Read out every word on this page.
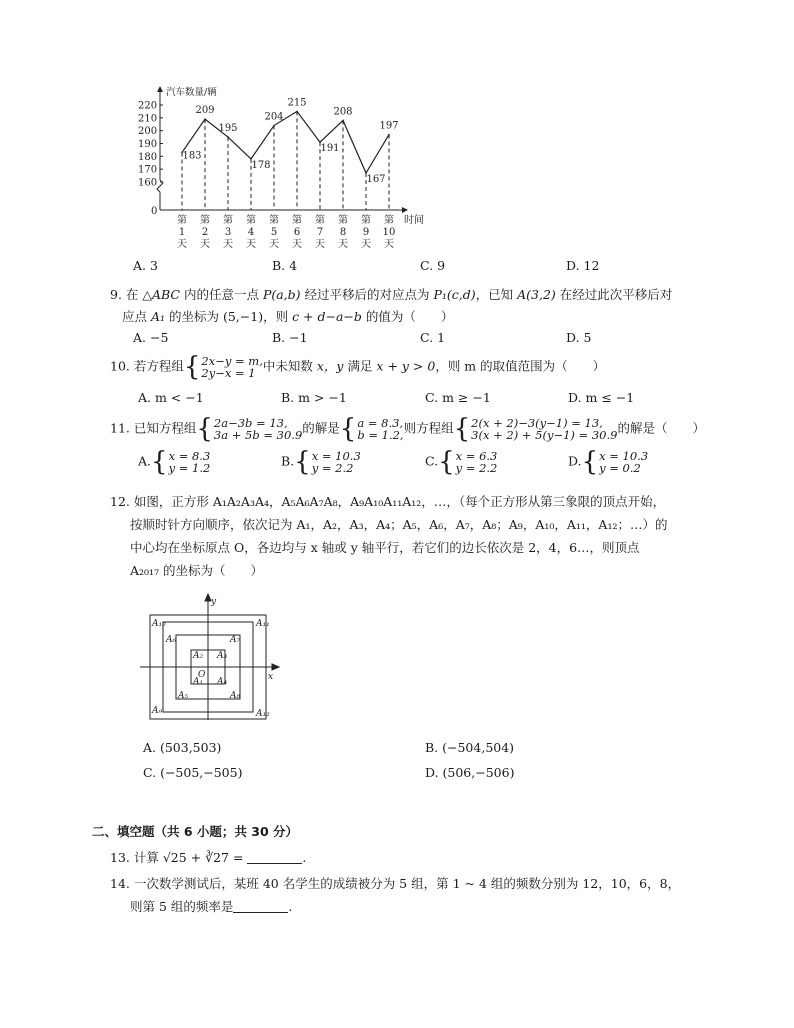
汽车数量/辆
时间
0
220
210
200
190
180
170
160
第
1
天
第
2
天
第
3
天
第
4
天
第
5
天
第
6
天
第
7
天
第
8
天
第
9
天
第
10
天
183
209
195
178
204
215
191
208
167
197
A. 3	B. 4	C. 9	D. 12
9. 在 △ABC 内的任意一点 P(a,b) 经过平移后的对应点为 P₁(c,d)，已知 A(3,2) 在经过此次平移后对
应点 A₁ 的坐标为 (5,−1)，则 c + d−a−b 的值为（　　）
A. −5	B. −1	C. 1	D. 5
10. 若方程组 { 2x−y = m,
2y−x = 1 中未知数 x，y 满足 x + y > 0，则 m 的取值范围为（　　）
A. m < −1	B. m > −1	C. m ≥ −1	D. m ≤ −1
11. 已知方程组 { 2a−3b = 13,
3a + 5b = 30.9 的解是 { a = 8.3,
b = 1.2, 则方程组 { 2(x + 2)−3(y−1) = 13,
3(x + 2) + 5(y−1) = 30.9 的解是（　　）
A. { x = 8.3
y = 1.2	B. { x = 10.3
y = 2.2	C. { x = 6.3
y = 2.2	D. { x = 10.3
y = 0.2
12. 如图，正方形 A₁A₂A₃A₄，A₅A₆A₇A₈，A₉A₁₀A₁₁A₁₂，…，（每个正方形从第三象限的顶点开始，
按顺时针方向顺序，依次记为 A₁，A₂，A₃，A₄；A₅，A₆，A₇，A₈；A₉，A₁₀，A₁₁，A₁₂；…）的
中心均在坐标原点 O，各边均与 x 轴或 y 轴平行，若它们的边长依次是 2，4，6…，则顶点
A₂₀₁₇ 的坐标为（　　）
y
x
O
A₁
A₂ A₃
A₄
A₅
A₆	A₇
A₈
A₉
A₁₀	A₁₁
A₁₂
A. (503,503)	B. (−504,504)
C. (−505,−505)	D. (506,−506)
二、填空题（共 6 小题；共 30 分）
13. 计算 √25 + ∛27 =	.
14. 一次数学测试后，某班 40 名学生的成绩被分为 5 组，第 1 ~ 4 组的频数分别为 12，10，6，8，
则第 5 组的频率是	.
